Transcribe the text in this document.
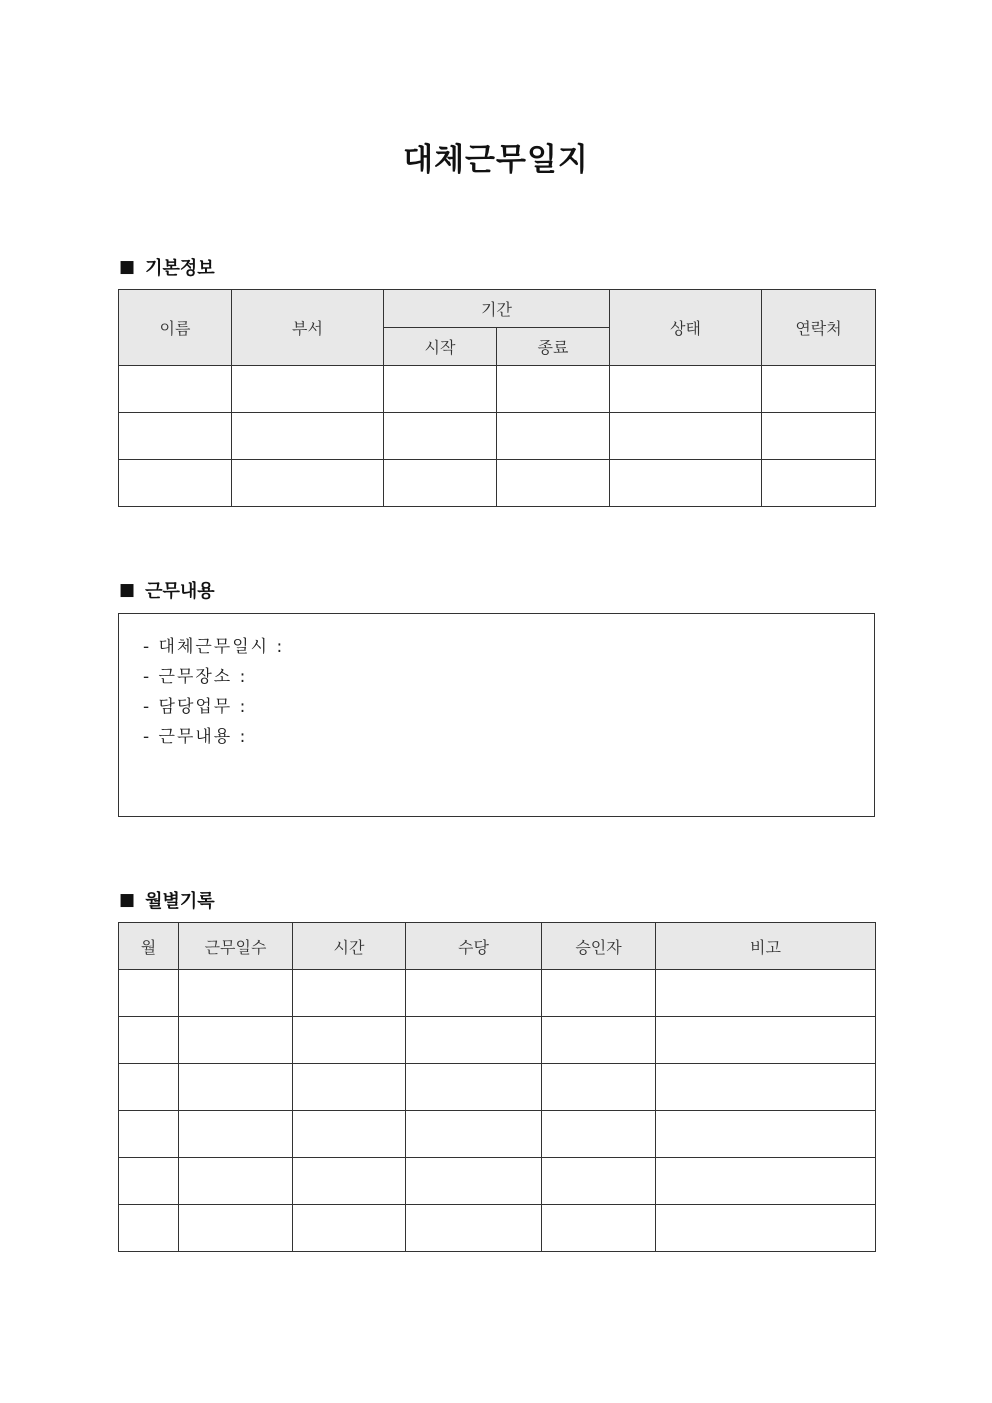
대체근무일지
■ 기본정보
이름	부서	기간		상태	연락처
		시작	종료		

■ 근무내용
- 대체근무일시 :
- 근무장소 :
- 담당업무 :
- 근무내용 :
■ 월별기록
월	근무일수	시간	수당	승인자	비고
